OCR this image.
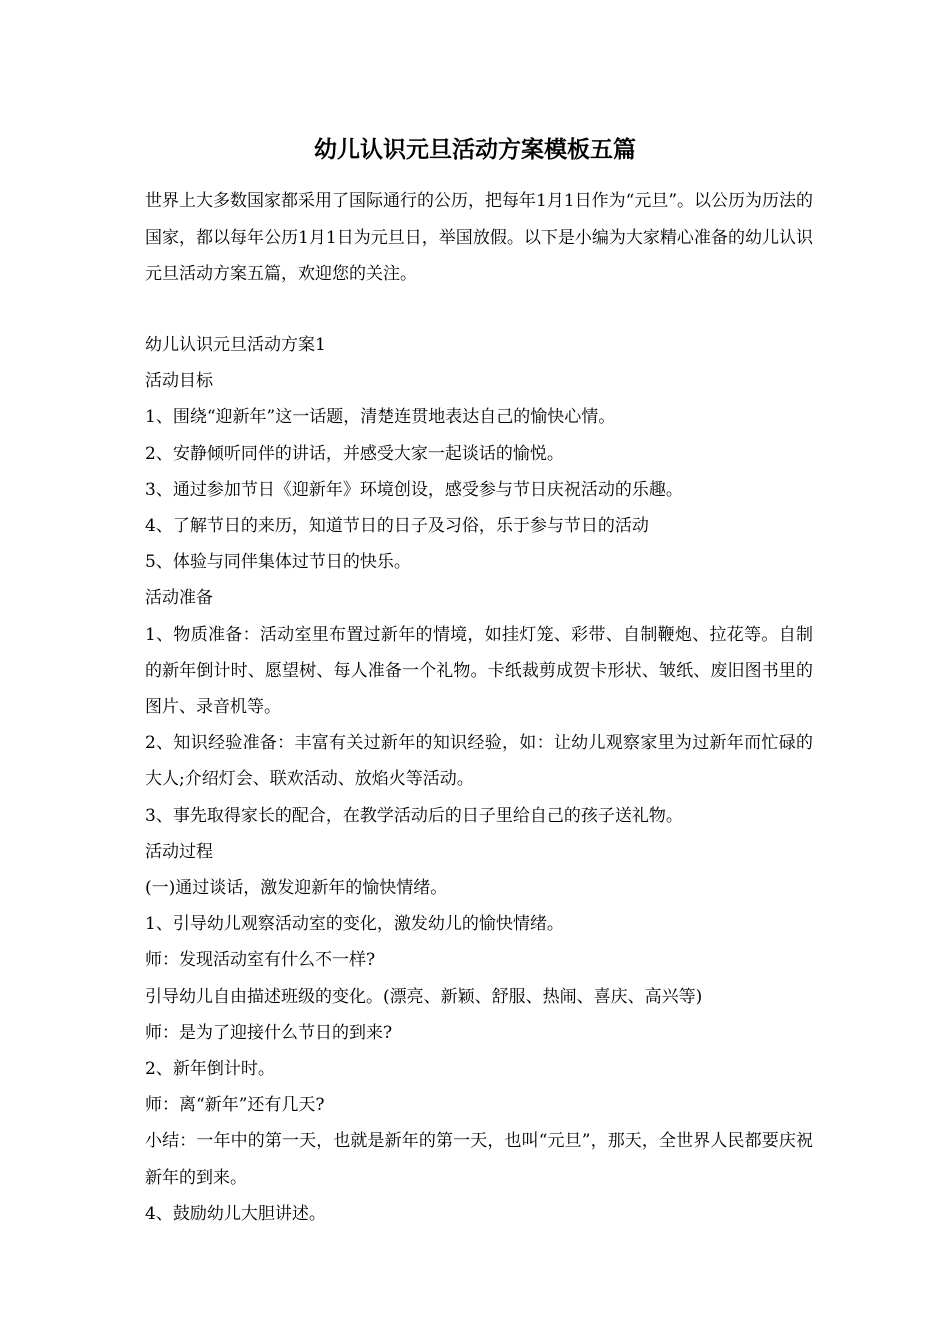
幼儿认识元旦活动方案模板五篇

世界上大多数国家都采用了国际通行的公历，把每年1月1日作为“元旦”。以公历为历法的国家，都以每年公历1月1日为元旦日，举国放假。以下是小编为大家精心准备的幼儿认识元旦活动方案五篇，欢迎您的关注。

幼儿认识元旦活动方案1

活动目标

1、围绕“迎新年”这一话题，清楚连贯地表达自己的愉快心情。

2、安静倾听同伴的讲话，并感受大家一起谈话的愉悦。

3、通过参加节日《迎新年》环境创设，感受参与节日庆祝活动的乐趣。

4、了解节日的来历，知道节日的日子及习俗，乐于参与节日的活动

5、体验与同伴集体过节日的快乐。

活动准备

1、物质准备：活动室里布置过新年的情境，如挂灯笼、彩带、自制鞭炮、拉花等。自制的新年倒计时、愿望树、每人准备一个礼物。卡纸裁剪成贺卡形状、皱纸、废旧图书里的图片、录音机等。

2、知识经验准备：丰富有关过新年的知识经验，如：让幼儿观察家里为过新年而忙碌的大人;介绍灯会、联欢活动、放焰火等活动。

3、事先取得家长的配合，在教学活动后的日子里给自己的孩子送礼物。

活动过程

(一)通过谈话，激发迎新年的愉快情绪。

1、引导幼儿观察活动室的变化，激发幼儿的愉快情绪。

师：发现活动室有什么不一样?

引导幼儿自由描述班级的变化。(漂亮、新颖、舒服、热闹、喜庆、高兴等)

师：是为了迎接什么节日的到来?

2、新年倒计时。

师：离“新年”还有几天?

小结：一年中的第一天，也就是新年的第一天，也叫“元旦”，那天，全世界人民都要庆祝新年的到来。

4、鼓励幼儿大胆讲述。
